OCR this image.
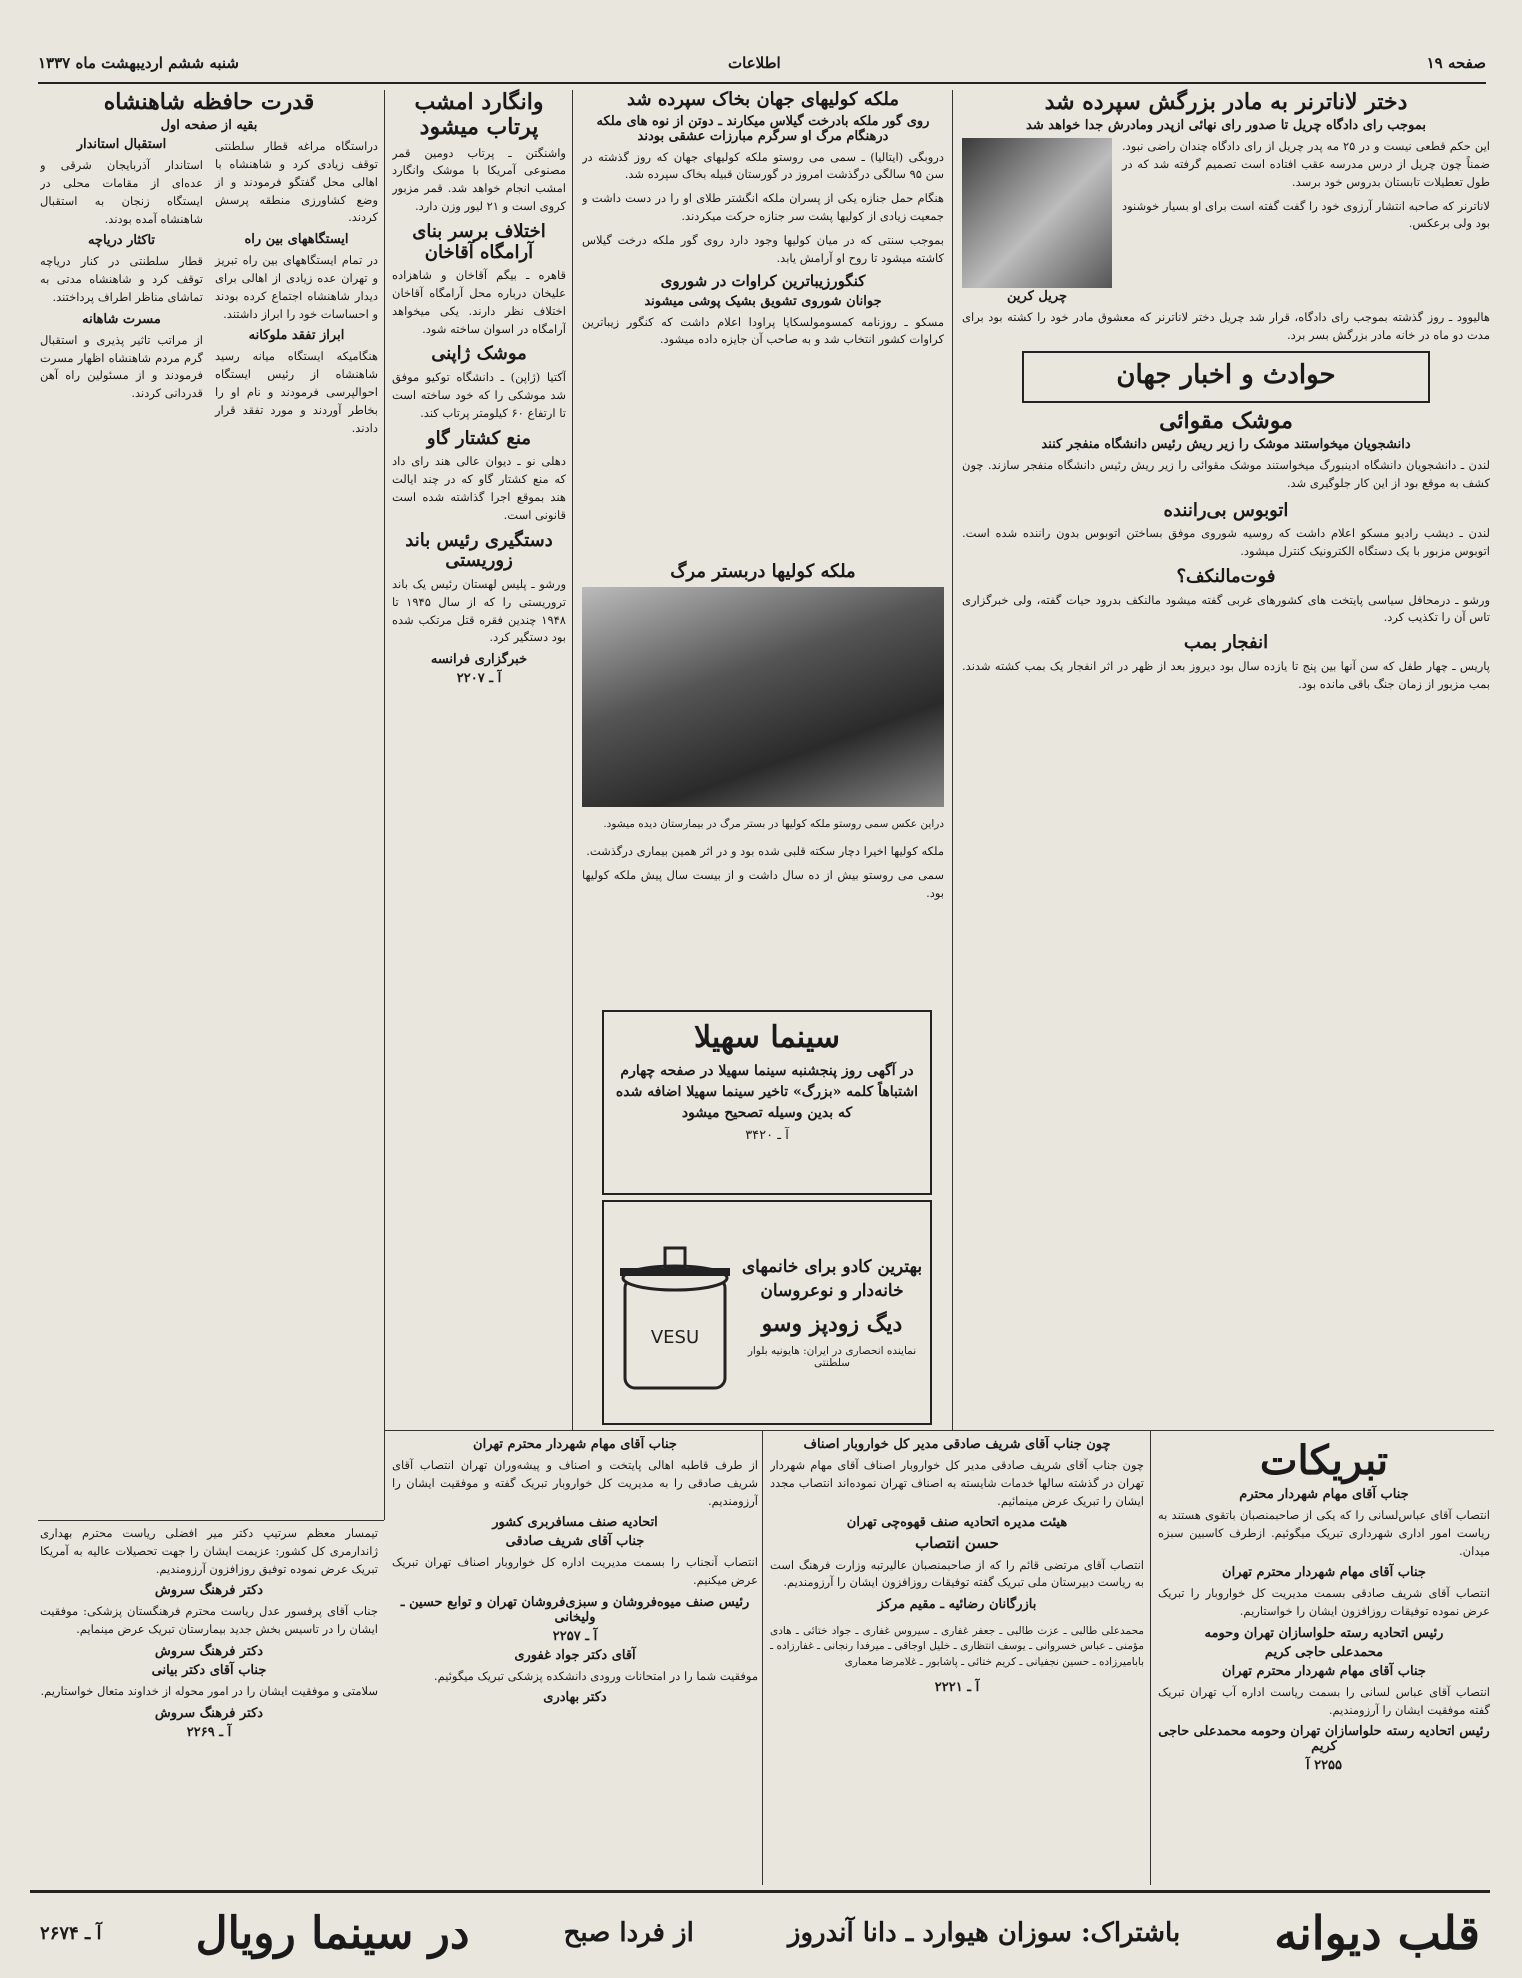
شنبه ششم اردیبهشت ماه ۱۳۳۷	اطلاعات	صفحه ۱۹
دختر لاناترنر به مادر بزرگش سپرده شد
بموجب رای دادگاه چریل تا صدور رای نهائی ازپدر ومادرش جدا خواهد شد

این حکم قطعی نیست و در ۲۵ مه پدر چریل از رای دادگاه چندان راضی نبود. ضمناً چون چریل از درس مدرسه عقب افتاده است تصمیم گرفته شد که در طول تعطیلات تابستان بدروس خود برسد.

لاناترنر که صاحبه انتشار آرزوی خود را گفت گفته است برای او بسیار خوشنود بود ولی برعکس.

چریل کرین

هالیوود ـ روز گذشته بموجب رای دادگاه، قرار شد چریل دختر لاناترنر که معشوق مادر خود را کشته بود برای مدت دو ماه در خانه مادر بزرگش بسر برد.

حوادث و اخبار جهان
موشک مقوائی
دانشجویان میخواستند موشک را زیر ریش رئیس دانشگاه منفجر کنند

لندن ـ دانشجویان دانشگاه ادینبورگ میخواستند موشک مقوائی را زیر ریش رئیس دانشگاه منفجر سازند. چون کشف به موقع بود از این کار جلوگیری شد.

اتوبوس بی‌راننده

لندن ـ دیشب رادیو مسکو اعلام داشت که روسیه شوروی موفق بساختن اتوبوس بدون راننده شده است. اتوبوس مزبور با یک دستگاه الکترونیک کنترل میشود.

فوت‌مالنکف؟

ورشو ـ درمحافل سیاسی پایتخت های کشورهای غربی گفته میشود مالنکف بدرود حیات گفته، ولی خبرگزاری تاس آن را تکذیب کرد.

انفجار بمب

پاریس ـ چهار طفل که سن آنها بین پنج تا یازده سال بود دیروز بعد از ظهر در اثر انفجار یک بمب کشته شدند. بمب مزبور از زمان جنگ باقی مانده بود.

ملکه کولیهای جهان بخاک سپرده شد
روی گور ملکه بادرخت گیلاس میکارند ـ دوتن از نوه های ملکه درهنگام مرگ او سرگرم مبارزات عشقی بودند

دروبگی (ایتالیا) ـ سمی می روستو ملکه کولیهای جهان که روز گذشته در سن ۹۵ سالگی درگذشت امروز در گورستان قبیله بخاک سپرده شد.

هنگام حمل جنازه یکی از پسران ملکه انگشتر طلای او را در دست داشت و جمعیت زیادی از کولیها پشت سر جنازه حرکت میکردند.

بموجب سنتی که در میان کولیها وجود دارد روی گور ملکه درخت گیلاس کاشته میشود تا روح او آرامش یابد.

کنگورزیباترین کراوات در شوروی
جوانان شوروی تشویق بشیک پوشی میشوند

مسکو ـ روزنامه کمسومولسکایا پراودا اعلام داشت که کنگور زیباترین کراوات کشور انتخاب شد و به صاحب آن جایزه داده میشود.

ملکه کولیها دربستر مرگ

دراین عکس سمی روستو ملکه کولیها در بستر مرگ در بیمارستان دیده میشود.

ملکه کولیها اخیرا دچار سکته قلبی شده بود و در اثر همین بیماری درگذشت.

سمی می روستو بیش از ده سال داشت و از بیست سال پیش ملکه کولیها بود.

سینما سهیلا
در آگهی روز پنجشنبه سینما سهیلا در صفحه چهارم اشتباهاً کلمه «بزرگ» تاخیر سینما سهیلا اضافه شده که بدین وسیله تصحیح میشود
آ ـ ۳۴۲۰
بهترین کادو برای خانمهای خانه‌دار و نوعروسان
دیگ زودپز وسو
نماینده انحصاری در ایران: هایونیه بلوار سلطنتی
VESU
وانگارد امشب پرتاب میشود

واشنگتن ـ پرتاب دومین قمر مصنوعی آمریکا با موشک وانگارد امشب انجام خواهد شد. قمر مزبور کروی است و ۲۱ لیور وزن دارد.

اختلاف برسر بنای آرامگاه آقاخان

قاهره ـ بیگم آقاخان و شاهزاده علیخان درباره محل آرامگاه آقاخان اختلاف نظر دارند. یکی میخواهد آرامگاه در اسوان ساخته شود.

موشک ژاپنی

آکتیا (ژاپن) ـ دانشگاه توکیو موفق شد موشکی را که خود ساخته است تا ارتفاع ۶۰ کیلومتر پرتاب کند.

منع کشتار گاو

دهلی نو ـ دیوان عالی هند رای داد که منع کشتار گاو که در چند ایالت هند بموقع اجرا گذاشته شده است قانونی است.

دستگیری رئیس باند زوریستی

ورشو ـ پلیس لهستان رئیس یک باند تروریستی را که از سال ۱۹۴۵ تا ۱۹۴۸ چندین فقره قتل مرتکب شده بود دستگیر کرد.

خبرگزاری فرانسه
آ ـ ۲۲۰۷
قدرت حافظه شاهنشاه
بقیه از صفحه اول

دراستگاه مراغه قطار سلطنتی توقف زیادی کرد و شاهنشاه با اهالی محل گفتگو فرمودند و از وضع کشاورزی منطقه پرسش کردند.

ایستگاههای بین راه

در تمام ایستگاههای بین راه تبریز و تهران عده زیادی از اهالی برای دیدار شاهنشاه اجتماع کرده بودند و احساسات خود را ابراز داشتند.

ابراز تفقد ملوکانه

هنگامیکه ایستگاه میانه رسید شاهنشاه از رئیس ایستگاه احوالپرسی فرمودند و نام او را بخاطر آوردند و مورد تفقد قرار دادند.

استقبال استاندار

استاندار آذربایجان شرقی و عده‌ای از مقامات محلی در ایستگاه زنجان به استقبال شاهنشاه آمده بودند.

تاکثار دریاچه

قطار سلطنتی در کنار دریاچه توقف کرد و شاهنشاه مدتی به تماشای مناظر اطراف پرداختند.

مسرت شاهانه

از مراتب تاثیر پذیری و استقبال گرم مردم شاهنشاه اظهار مسرت فرمودند و از مسئولین راه آهن قدردانی کردند.

تیمسار معظم سرتیپ دکتر میر افضلی ریاست محترم بهداری ژاندارمری کل کشور: عزیمت ایشان را جهت تحصیلات عالیه به آمریکا تبریک عرض نموده توفیق روزافزون آرزومندیم.

دکتر فرهنگ سروش

جناب آقای پرفسور عدل ریاست محترم فرهنگستان پزشکی: موفقیت ایشان را در تاسیس بخش جدید بیمارستان تبریک عرض مینمایم.

دکتر فرهنگ سروش
جناب آقای دکتر بیانی

سلامتی و موفقیت ایشان را در امور محوله از خداوند متعال خواستاریم.

دکتر فرهنگ سروش
آ ـ ۲۲۶۹
جناب آقای مهام شهردار محترم تهران

از طرف قاطبه اهالی پایتخت و اصناف و پیشه‌وران تهران انتصاب آقای شریف صادقی را به مدیریت کل خواروبار تبریک گفته و موفقیت ایشان را آرزومندیم.

اتحادیه صنف مسافربری کشور
جناب آقای شریف صادقی

انتصاب آنجناب را بسمت مدیریت اداره کل خواروبار اصناف تهران تبریک عرض میکنیم.

رئیس صنف میوه‌فروشان و سبزی‌فروشان تهران و توابع حسین ـ ولیخانی
آ ـ ۲۲۵۷
آقای دکتر جواد غفوری

موفقیت شما را در امتحانات ورودی دانشکده پزشکی تبریک میگوئیم.

دکتر بهادری
چون جناب آقای شریف صادقی مدیر کل خواروبار اصناف

چون جناب آقای شریف صادقی مدیر کل خواروبار اصناف آقای مهام شهردار تهران در گذشته سالها خدمات شایسته به اصناف تهران نموده‌اند انتصاب مجدد ایشان را تبریک عرض مینمائیم.

هیئت مدیره اتحادیه صنف قهوه‌چی تهران
حسن انتصاب

انتصاب آقای مرتضی قائم را که از صاحبمنصبان عالیرتبه وزارت فرهنگ است به ریاست دبیرستان ملی تبریک گفته توفیقات روزافزون ایشان را آرزومندیم.

بازرگانان رضائیه ـ مقیم مرکز

محمدعلی طالبی ـ عزت طالبی ـ جعفر غفاری ـ سیروس غفاری ـ جواد ختائی ـ هادی مؤمنی ـ عباس خسروانی ـ یوسف انتظاری ـ خلیل اوجاقی ـ میرفدا رنجانی ـ غفارزاده ـ بابامیرزاده ـ حسین نجفیانی ـ کریم ختائی ـ پاشابور ـ غلامرضا معماری

آ ـ ۲۲۲۱
تبریکات
جناب آقای مهام شهردار محترم

انتصاب آقای عباس‌لسانی را که یکی از صاحبمنصبان باتقوی هستند به ریاست امور اداری شهرداری تبریک میگوئیم. ازطرف کاسبین سبزه میدان.

جناب آقای مهام شهردار محترم تهران

انتصاب آقای شریف صادقی بسمت مدیریت کل خواروبار را تبریک عرض نموده توفیقات روزافزون ایشان را خواستاریم.

رئیس اتحادیه رسته حلواسازان تهران وحومه
محمدعلی حاجی کریم
جناب آقای مهام شهردار محترم تهران

انتصاب آقای عباس لسانی را بسمت ریاست اداره آب تهران تبریک گفته موفقیت ایشان را آرزومندیم.

رئیس اتحادیه رسته حلواسازان تهران وحومه محمدعلی حاجی کریم
۲۲۵۵ آ
قلب دیوانه
باشتراک: سوزان هیوارد ـ دانا آندروز
از فردا صبح
در سینما رویال
آ ـ ۲۶۷۴
